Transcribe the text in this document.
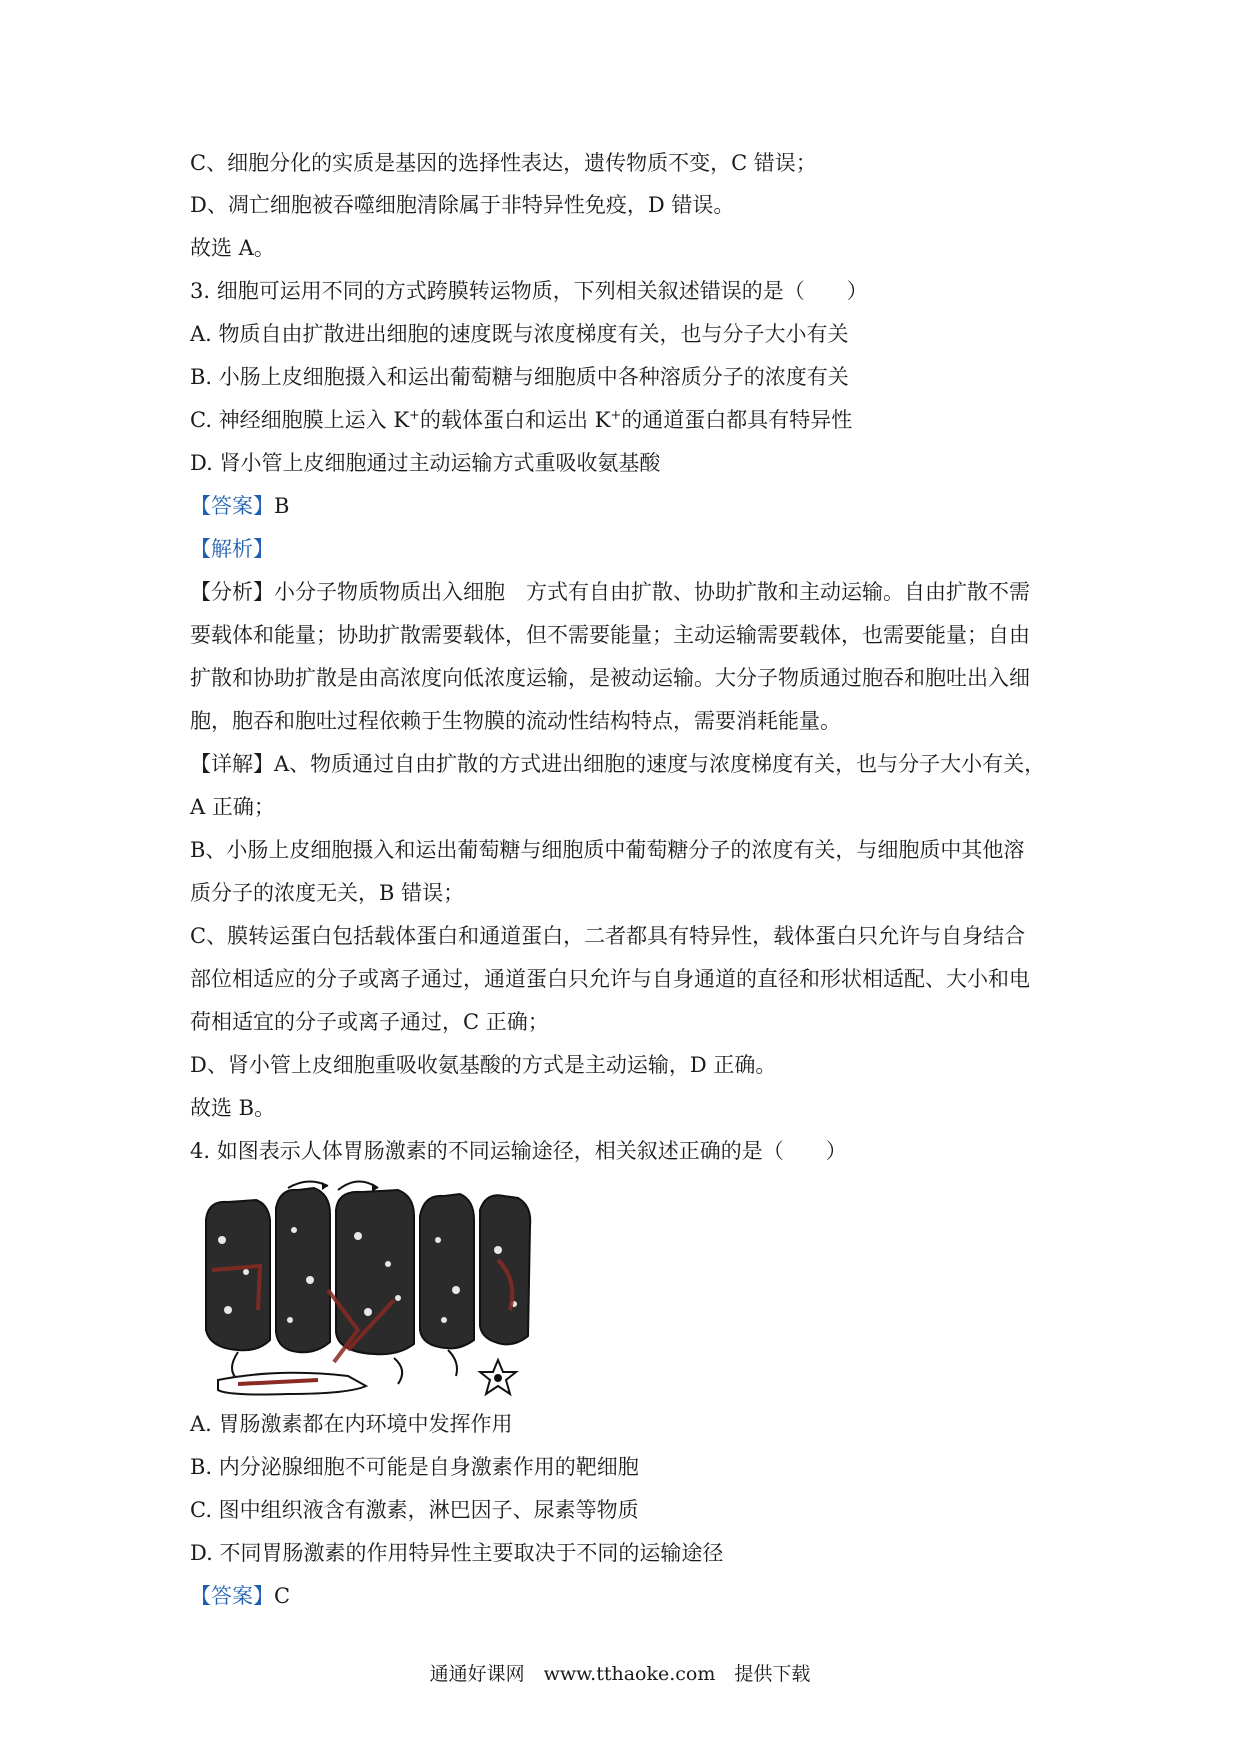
C、细胞分化的实质是基因的选择性表达，遗传物质不变，C 错误；
D、凋亡细胞被吞噬细胞清除属于非特异性免疫，D 错误。
故选 A。
3. 细胞可运用不同的方式跨膜转运物质，下列相关叙述错误的是（　　）
A. 物质自由扩散进出细胞的速度既与浓度梯度有关，也与分子大小有关
B. 小肠上皮细胞摄入和运出葡萄糖与细胞质中各种溶质分子的浓度有关
C. 神经细胞膜上运入 K+的载体蛋白和运出 K+的通道蛋白都具有特异性
D. 肾小管上皮细胞通过主动运输方式重吸收氨基酸
【答案】B
【解析】
【分析】小分子物质物质出入细胞　方式有自由扩散、协助扩散和主动运输。自由扩散不需
要载体和能量；协助扩散需要载体，但不需要能量；主动运输需要载体，也需要能量；自由
扩散和协助扩散是由高浓度向低浓度运输，是被动运输。大分子物质通过胞吞和胞吐出入细
胞，胞吞和胞吐过程依赖于生物膜的流动性结构特点，需要消耗能量。
【详解】A、物质通过自由扩散的方式进出细胞的速度与浓度梯度有关，也与分子大小有关，
A 正确；
B、小肠上皮细胞摄入和运出葡萄糖与细胞质中葡萄糖分子的浓度有关，与细胞质中其他溶
质分子的浓度无关，B 错误；
C、膜转运蛋白包括载体蛋白和通道蛋白，二者都具有特异性，载体蛋白只允许与自身结合
部位相适应的分子或离子通过，通道蛋白只允许与自身通道的直径和形状相适配、大小和电
荷相适宜的分子或离子通过，C 正确；
D、肾小管上皮细胞重吸收氨基酸的方式是主动运输，D 正确。
故选 B。
4. 如图表示人体胃肠激素的不同运输途径，相关叙述正确的是（　　）
A. 胃肠激素都在内环境中发挥作用
B. 内分泌腺细胞不可能是自身激素作用的靶细胞
C. 图中组织液含有激素，淋巴因子、尿素等物质
D. 不同胃肠激素的作用特异性主要取决于不同的运输途径
【答案】C
通通好课网　www.tthaoke.com　提供下载
